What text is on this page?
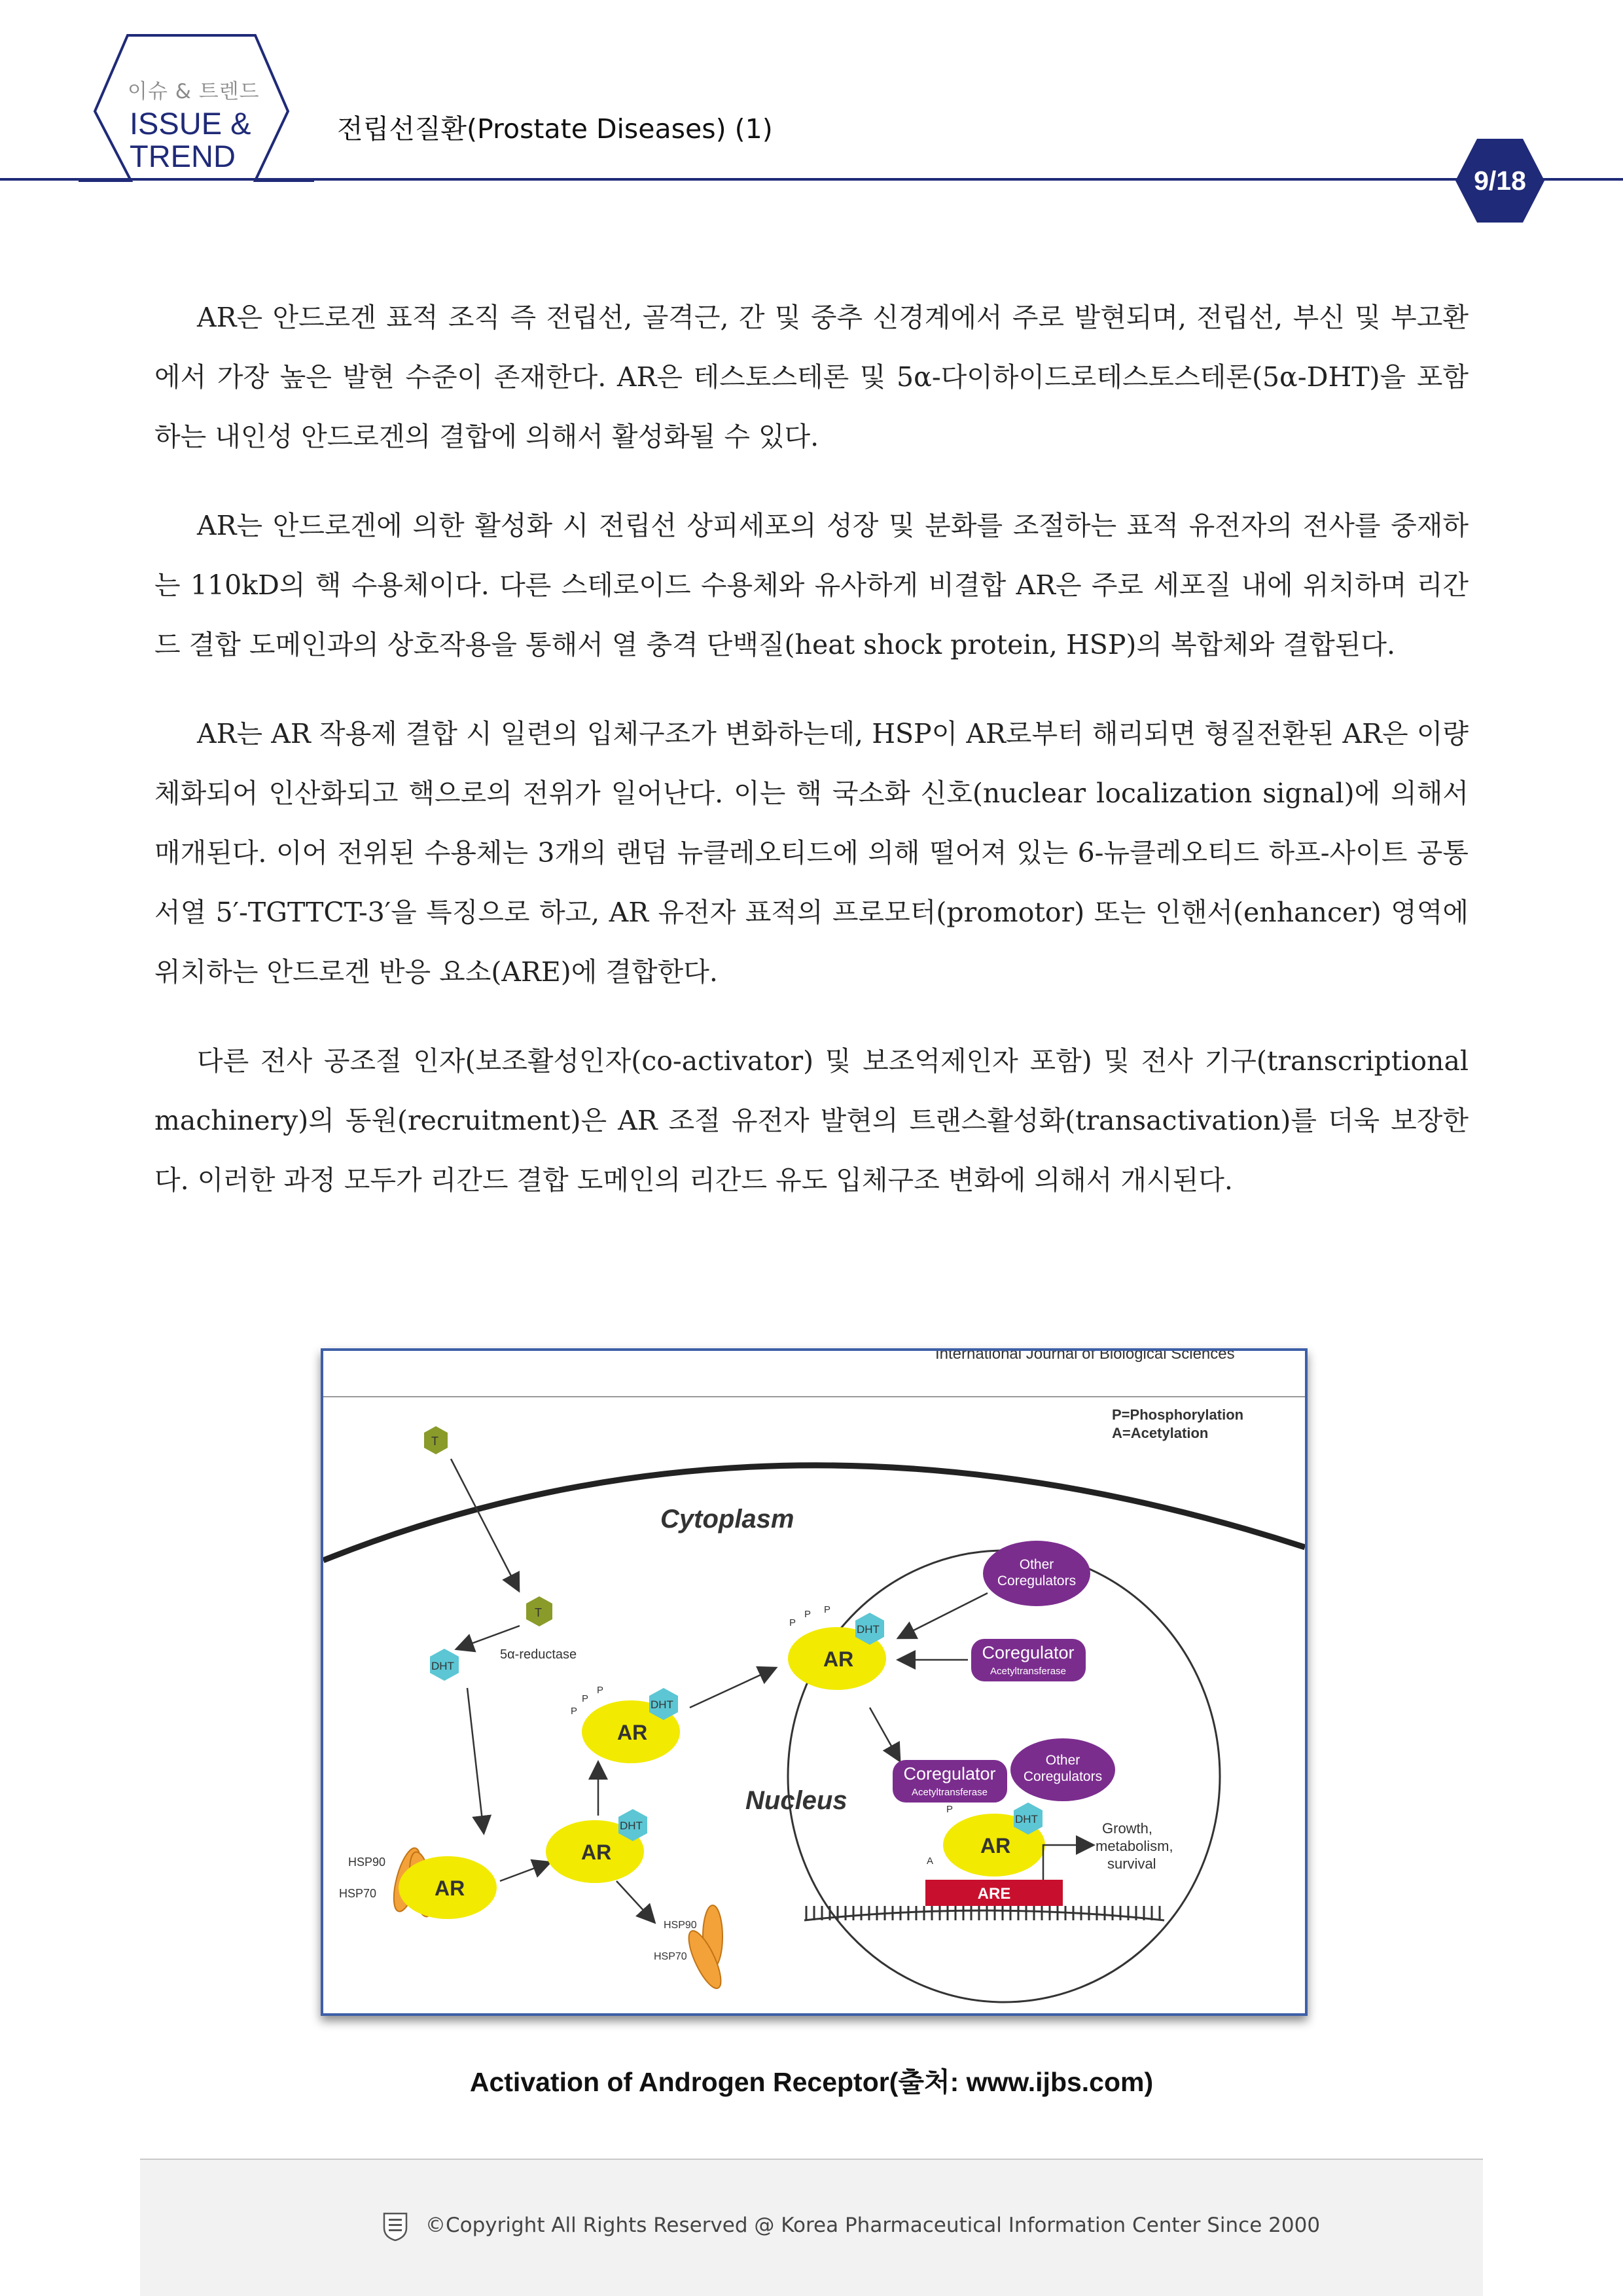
이슈 & 트렌드
ISSUE &
TREND
전립선질환(Prostate Diseases) (1)
9/18

AR은 안드로겐 표적 조직 즉 전립선, 골격근, 간 및 중추 신경계에서 주로 발현되며, 전립선, 부신 및 부고환에서 가장 높은 발현 수준이 존재한다. AR은 테스토스테론 및 5α-다이하이드로테스토스테론(5α-DHT)을 포함하는 내인성 안드로겐의 결합에 의해서 활성화될 수 있다.

AR는 안드로겐에 의한 활성화 시 전립선 상피세포의 성장 및 분화를 조절하는 표적 유전자의 전사를 중재하는 110kD의 핵 수용체이다. 다른 스테로이드 수용체와 유사하게 비결합 AR은 주로 세포질 내에 위치하며 리간드 결합 도메인과의 상호작용을 통해서 열 충격 단백질(heat shock protein, HSP)의 복합체와 결합된다.

AR는 AR 작용제 결합 시 일련의 입체구조가 변화하는데, HSP이 AR로부터 해리되면 형질전환된 AR은 이량체화되어 인산화되고 핵으로의 전위가 일어난다. 이는 핵 국소화 신호(nuclear localization signal)에 의해서 매개된다. 이어 전위된 수용체는 3개의 랜덤 뉴클레오티드에 의해 떨어져 있는 6-뉴클레오티드 하프-사이트 공통 서열 5′-TGTTCT-3′을 특징으로 하고, AR 유전자 표적의 프로모터(promotor) 또는 인핸서(enhancer) 영역에 위치하는 안드로겐 반응 요소(ARE)에 결합한다.

다른 전사 공조절 인자(보조활성인자(co-activator) 및 보조억제인자 포함) 및 전사 기구(transcriptional machinery)의 동원(recruitment)은 AR 조절 유전자 발현의 트랜스활성화(transactivation)를 더욱 보장한다. 이러한 과정 모두가 리간드 결합 도메인의 리간드 유도 입체구조 변화에 의해서 개시된다.

International Journal of Biological Sciences
P=Phosphorylation
A=Acetylation
Cytoplasm
Nucleus
T
T
5α-reductase
DHT
HSP90
HSP70	AR
AR
DHT
HSP90
HSP70
AR
DHT
P
P
P
AR
DHT
P
P P
Other
Coregulators
Coregulator
Acetyltransferase
Coregulator
Acetyltransferase
Other
Coregulators
AR
DHT
P
A
ARE
Growth,
metabolism,
survival
Activation of Androgen Receptor(출처: www.ijbs.com)
©Copyright All Rights Reserved @ Korea Pharmaceutical Information Center Since 2000
